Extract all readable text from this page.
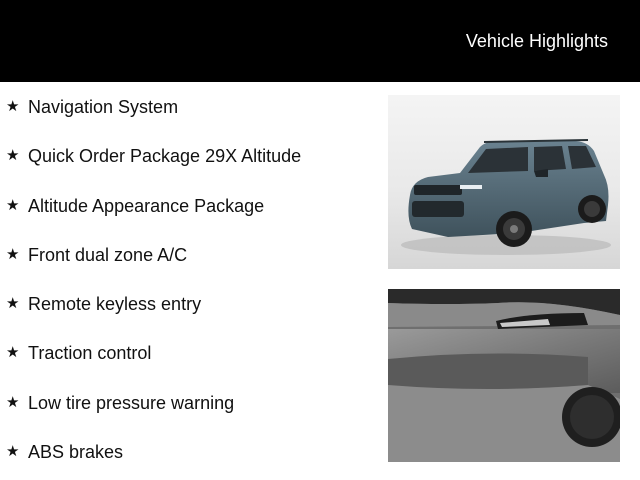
Vehicle Highlights
★ Navigation System
★ Quick Order Package 29X Altitude
★ Altitude Appearance Package
★ Front dual zone A/C
★ Remote keyless entry
★ Traction control
★ Low tire pressure warning
★ ABS brakes
